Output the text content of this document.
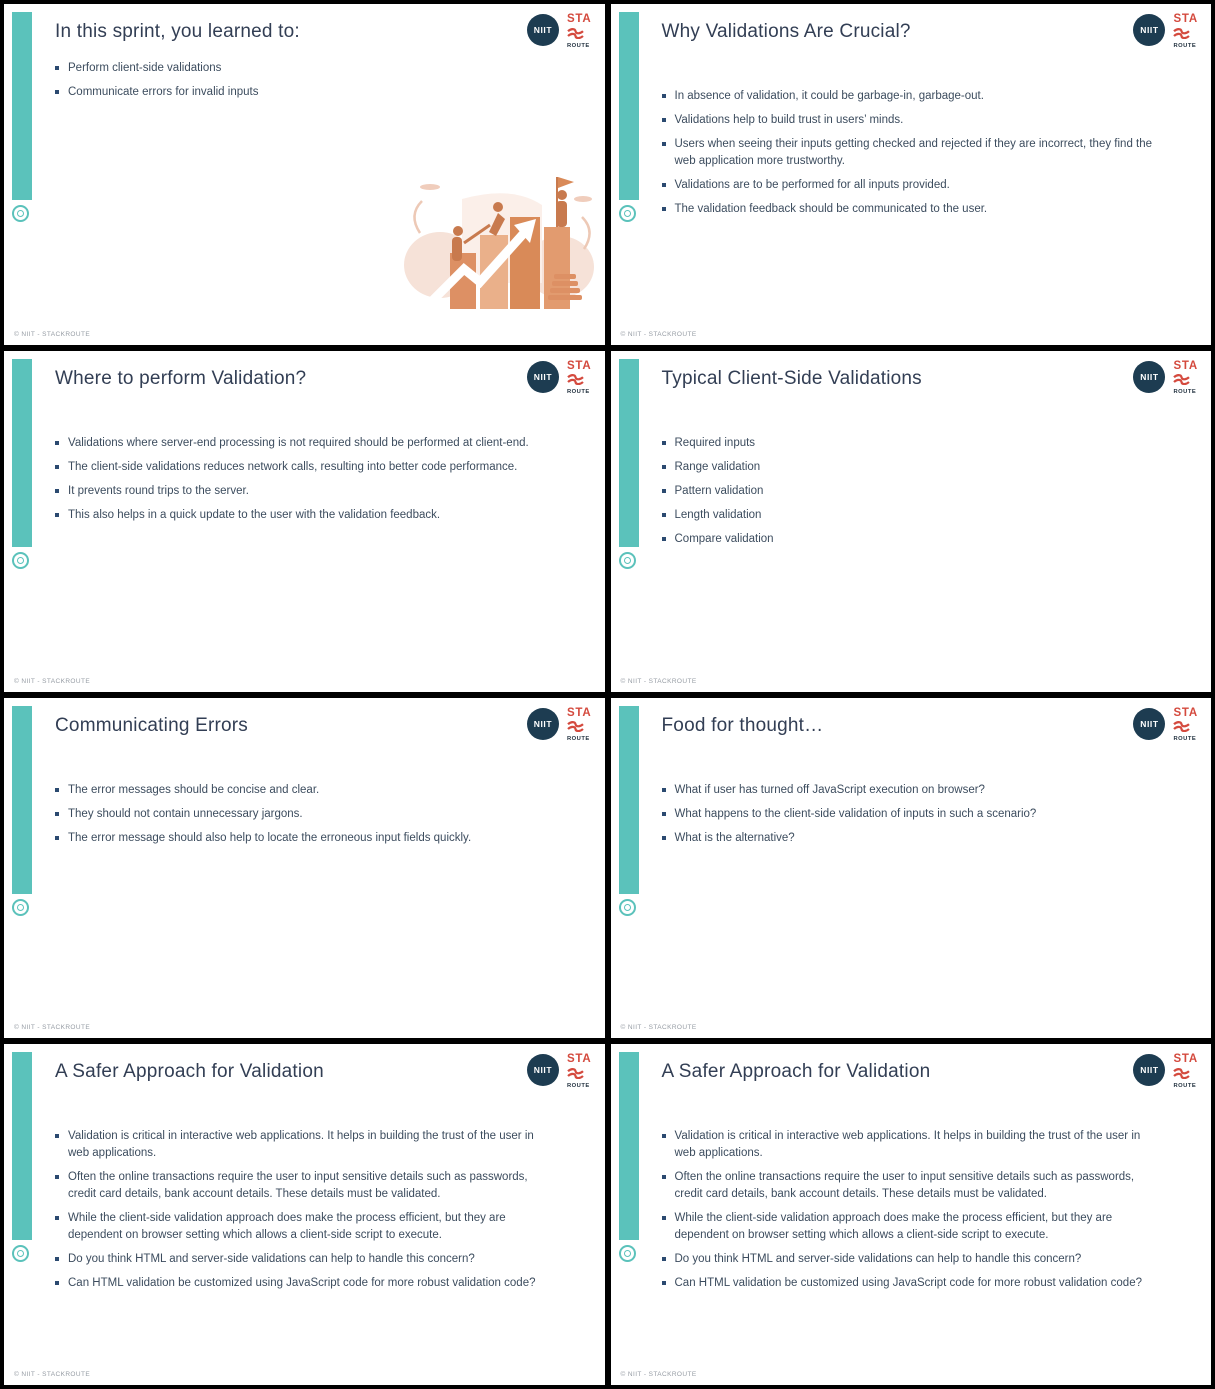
In this sprint, you learned to:	NIIT
STA
ROUTE
Perform client-side validations
Communicate errors for invalid inputs
© NIIT - STACKROUTE
Why Validations Are Crucial?	NIIT
STA
ROUTE
In absence of validation, it could be garbage-in, garbage-out.
Validations help to build trust in users’ minds.
Users when seeing their inputs getting checked and rejected if they are incorrect, they find the web application more trustworthy.
Validations are to be performed for all inputs provided.
The validation feedback should be communicated to the user.
© NIIT - STACKROUTE
Where to perform Validation?	NIIT
STA
ROUTE
Validations where server-end processing is not required should be performed at client-end.
The client-side validations reduces network calls, resulting into better code performance.
It prevents round trips to the server.
This also helps in a quick update to the user with the validation feedback.
© NIIT - STACKROUTE
Typical Client-Side Validations	NIIT
STA
ROUTE
Required inputs
Range validation
Pattern validation
Length validation
Compare validation
© NIIT - STACKROUTE
Communicating Errors	NIIT
STA
ROUTE
The error messages should be concise and clear.
They should not contain unnecessary jargons.
The error message should also help to locate the erroneous input fields quickly.
© NIIT - STACKROUTE
Food for thought…	NIIT
STA
ROUTE
What if user has turned off JavaScript execution on browser?
What happens to the client-side validation of inputs in such a scenario?
What is the alternative?
© NIIT - STACKROUTE
A Safer Approach for Validation	NIIT
STA
ROUTE
Validation is critical in interactive web applications. It helps in building the trust of the user in web applications.
Often the online transactions require the user to input sensitive details such as passwords, credit card details, bank account details. These details must be validated.
While the client-side validation approach does make the process efficient, but they are dependent on browser setting which allows a client-side script to execute.
Do you think HTML and server-side validations can help to handle this concern?
Can HTML validation be customized using JavaScript code for more robust validation code?
© NIIT - STACKROUTE
A Safer Approach for Validation	NIIT
STA
ROUTE
Validation is critical in interactive web applications. It helps in building the trust of the user in web applications.
Often the online transactions require the user to input sensitive details such as passwords, credit card details, bank account details. These details must be validated.
While the client-side validation approach does make the process efficient, but they are dependent on browser setting which allows a client-side script to execute.
Do you think HTML and server-side validations can help to handle this concern?
Can HTML validation be customized using JavaScript code for more robust validation code?
© NIIT - STACKROUTE
